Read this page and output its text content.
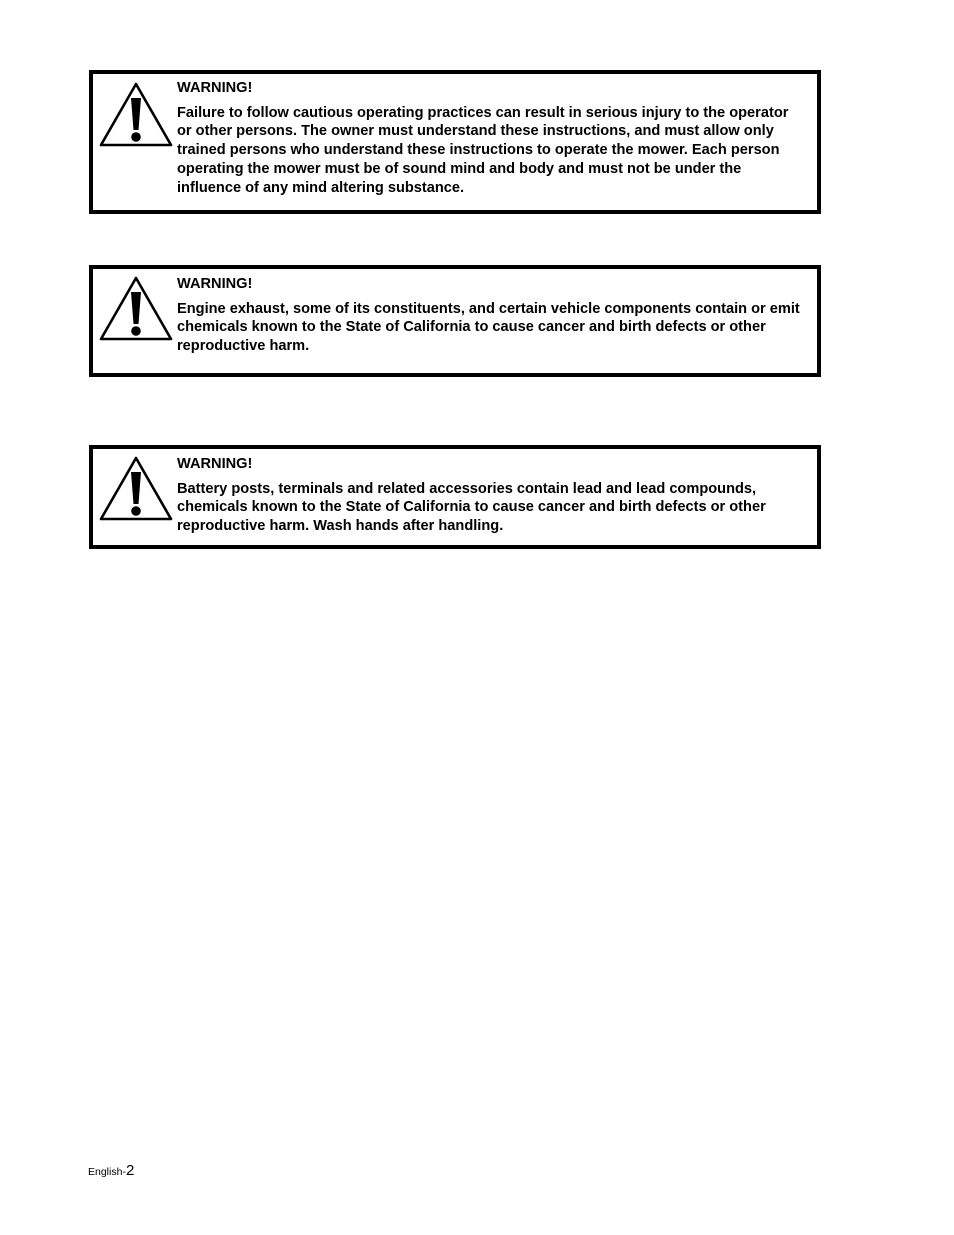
WARNING!
Failure to follow cautious operating practices can result in serious injury to the operator or other persons. The owner must understand these instructions, and must allow only trained persons who understand these instructions to operate the mower. Each person operating the mower must be of sound mind and body and must not be under the influence of any mind altering substance.
WARNING!
Engine exhaust, some of its constituents, and certain vehicle components contain or emit chemicals known to the State of California to cause cancer and birth defects or other reproductive harm.
WARNING!
Battery posts, terminals and related accessories contain lead and lead compounds, chemicals known to the State of California to cause cancer and birth defects or other reproductive harm. Wash hands after handling.
English-2
